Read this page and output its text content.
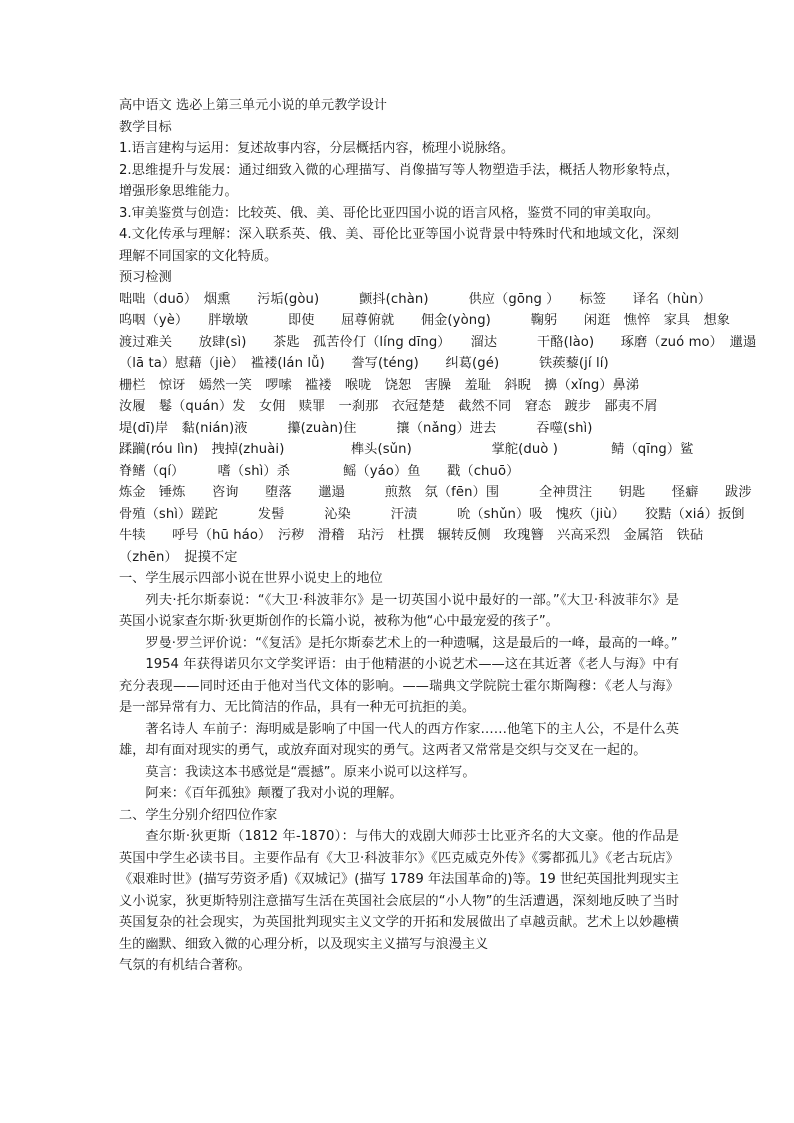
高中语文 选必上第三单元小说的单元教学设计

教学目标

1.语言建构与运用：复述故事内容，分层概括内容，梳理小说脉络。

2.思维提升与发展：通过细致入微的心理描写、肖像描写等人物塑造手法，概括人物形象特点，增强形象思维能力。

3.审美鉴赏与创造：比较英、俄、美、哥伦比亚四国小说的语言风格，鉴赏不同的审美取向。

4.文化传承与理解：深入联系英、俄、美、哥伦比亚等国小说背景中特殊时代和地域文化，深刻理解不同国家的文化特质。

预习检测

咄咄（duō）　烟熏　　污垢(gòu)　　　颤抖(chàn)　　　供应（gōng ）　　标签　　译名（hùn）

呜咽（yè）　　胖墩墩　　　即使　　屈尊俯就　　佣金(yòng)　　　鞠躬　　闲逛　憔悴　家具　想象

渡过难关　　放肆(sì)　　茶匙　孤苦伶仃（líng dīng）　　溜达　　　干酪(lào)　　琢磨（zuó mo）　邋遢

（lā ta）慰藉（jiè）　褴褛(lán lǚ)　　誊写(téng)　　纠葛(gé)　　　铁蒺藜(jí lí)

栅栏　惊讶　嫣然一笑　啰嗦　褴褛　喉咙　饶恕　害臊　羞耻　斜睨　擤（xǐng）鼻涕

汝履　鬈（quán）发　女佣　赎罪　一刹那　衣冠楚楚　截然不同　窘态　踱步　鄙夷不屑

堤(dī)岸　黏(nián)液　　　攥(zuàn)住　　　攘（nǎng）进去　　　吞噬(shì)

蹂躏(róu lìn)　拽掉(zhuài)　　　　　榫头(sǔn)　　　　　　掌舵(duò )　　　　鲭（qīng）鲨

脊鳍（qí）　　　嗜（shì）杀　　　　鳐（yáo）鱼　　戳（chuō）

炼金　锤炼　　咨询　　堕落　　邋遢　　　煎熬　氛（fēn）围　　　全神贯注　　钥匙　　怪癖　　跋涉

骨殖（shì）蹉跎　　　发髻　　　沁染　　　汗渍　　　吮（shǔn）吸　愧疚（jiù）　　狡黠（xiá）扳倒

牛犊　　呼号（hū háo）　污秽　滑稽　玷污　杜撰　辗转反侧　玫瑰簪　兴高采烈　金属箔　铁砧

（zhēn）　捉摸不定

一、学生展示四部小说在世界小说史上的地位

列夫·托尔斯泰说：“《大卫·科波菲尔》是一切英国小说中最好的一部。”《大卫·科波菲尔》是英国小说家查尔斯·狄更斯创作的长篇小说，被称为他“心中最宠爱的孩子”。

罗曼·罗兰评价说：“《复活》是托尔斯泰艺术上的一种遗嘱，这是最后的一峰，最高的一峰。”

1954 年获得诺贝尔文学奖评语：由于他精湛的小说艺术——这在其近著《老人与海》中有充分表现——同时还由于他对当代文体的影响。——瑞典文学院院士霍尔斯陶穆：《老人与海》是一部异常有力、无比简洁的作品，具有一种无可抗拒的美。

著名诗人 车前子：海明威是影响了中国一代人的西方作家……他笔下的主人公，不是什么英雄，却有面对现实的勇气，或放弃面对现实的勇气。这两者又常常是交织与交叉在一起的。

莫言：我读这本书感觉是“震撼”。原来小说可以这样写。

阿来：《百年孤独》颠覆了我对小说的理解。

二、学生分别介绍四位作家

查尔斯·狄更斯（1812 年-1870）：与伟大的戏剧大师莎士比亚齐名的大文豪。他的作品是英国中学生必读书目。主要作品有《大卫·科波菲尔》《匹克威克外传》《雾都孤儿》《老古玩店》《艰难时世》(描写劳资矛盾)《双城记》(描写 1789 年法国革命的)等。19 世纪英国批判现实主义小说家，狄更斯特别注意描写生活在英国社会底层的“小人物”的生活遭遇，深刻地反映了当时英国复杂的社会现实，为英国批判现实主义文学的开拓和发展做出了卓越贡献。艺术上以妙趣横生的幽默、细致入微的心理分析，以及现实主义描写与浪漫主义

气氛的有机结合著称。
